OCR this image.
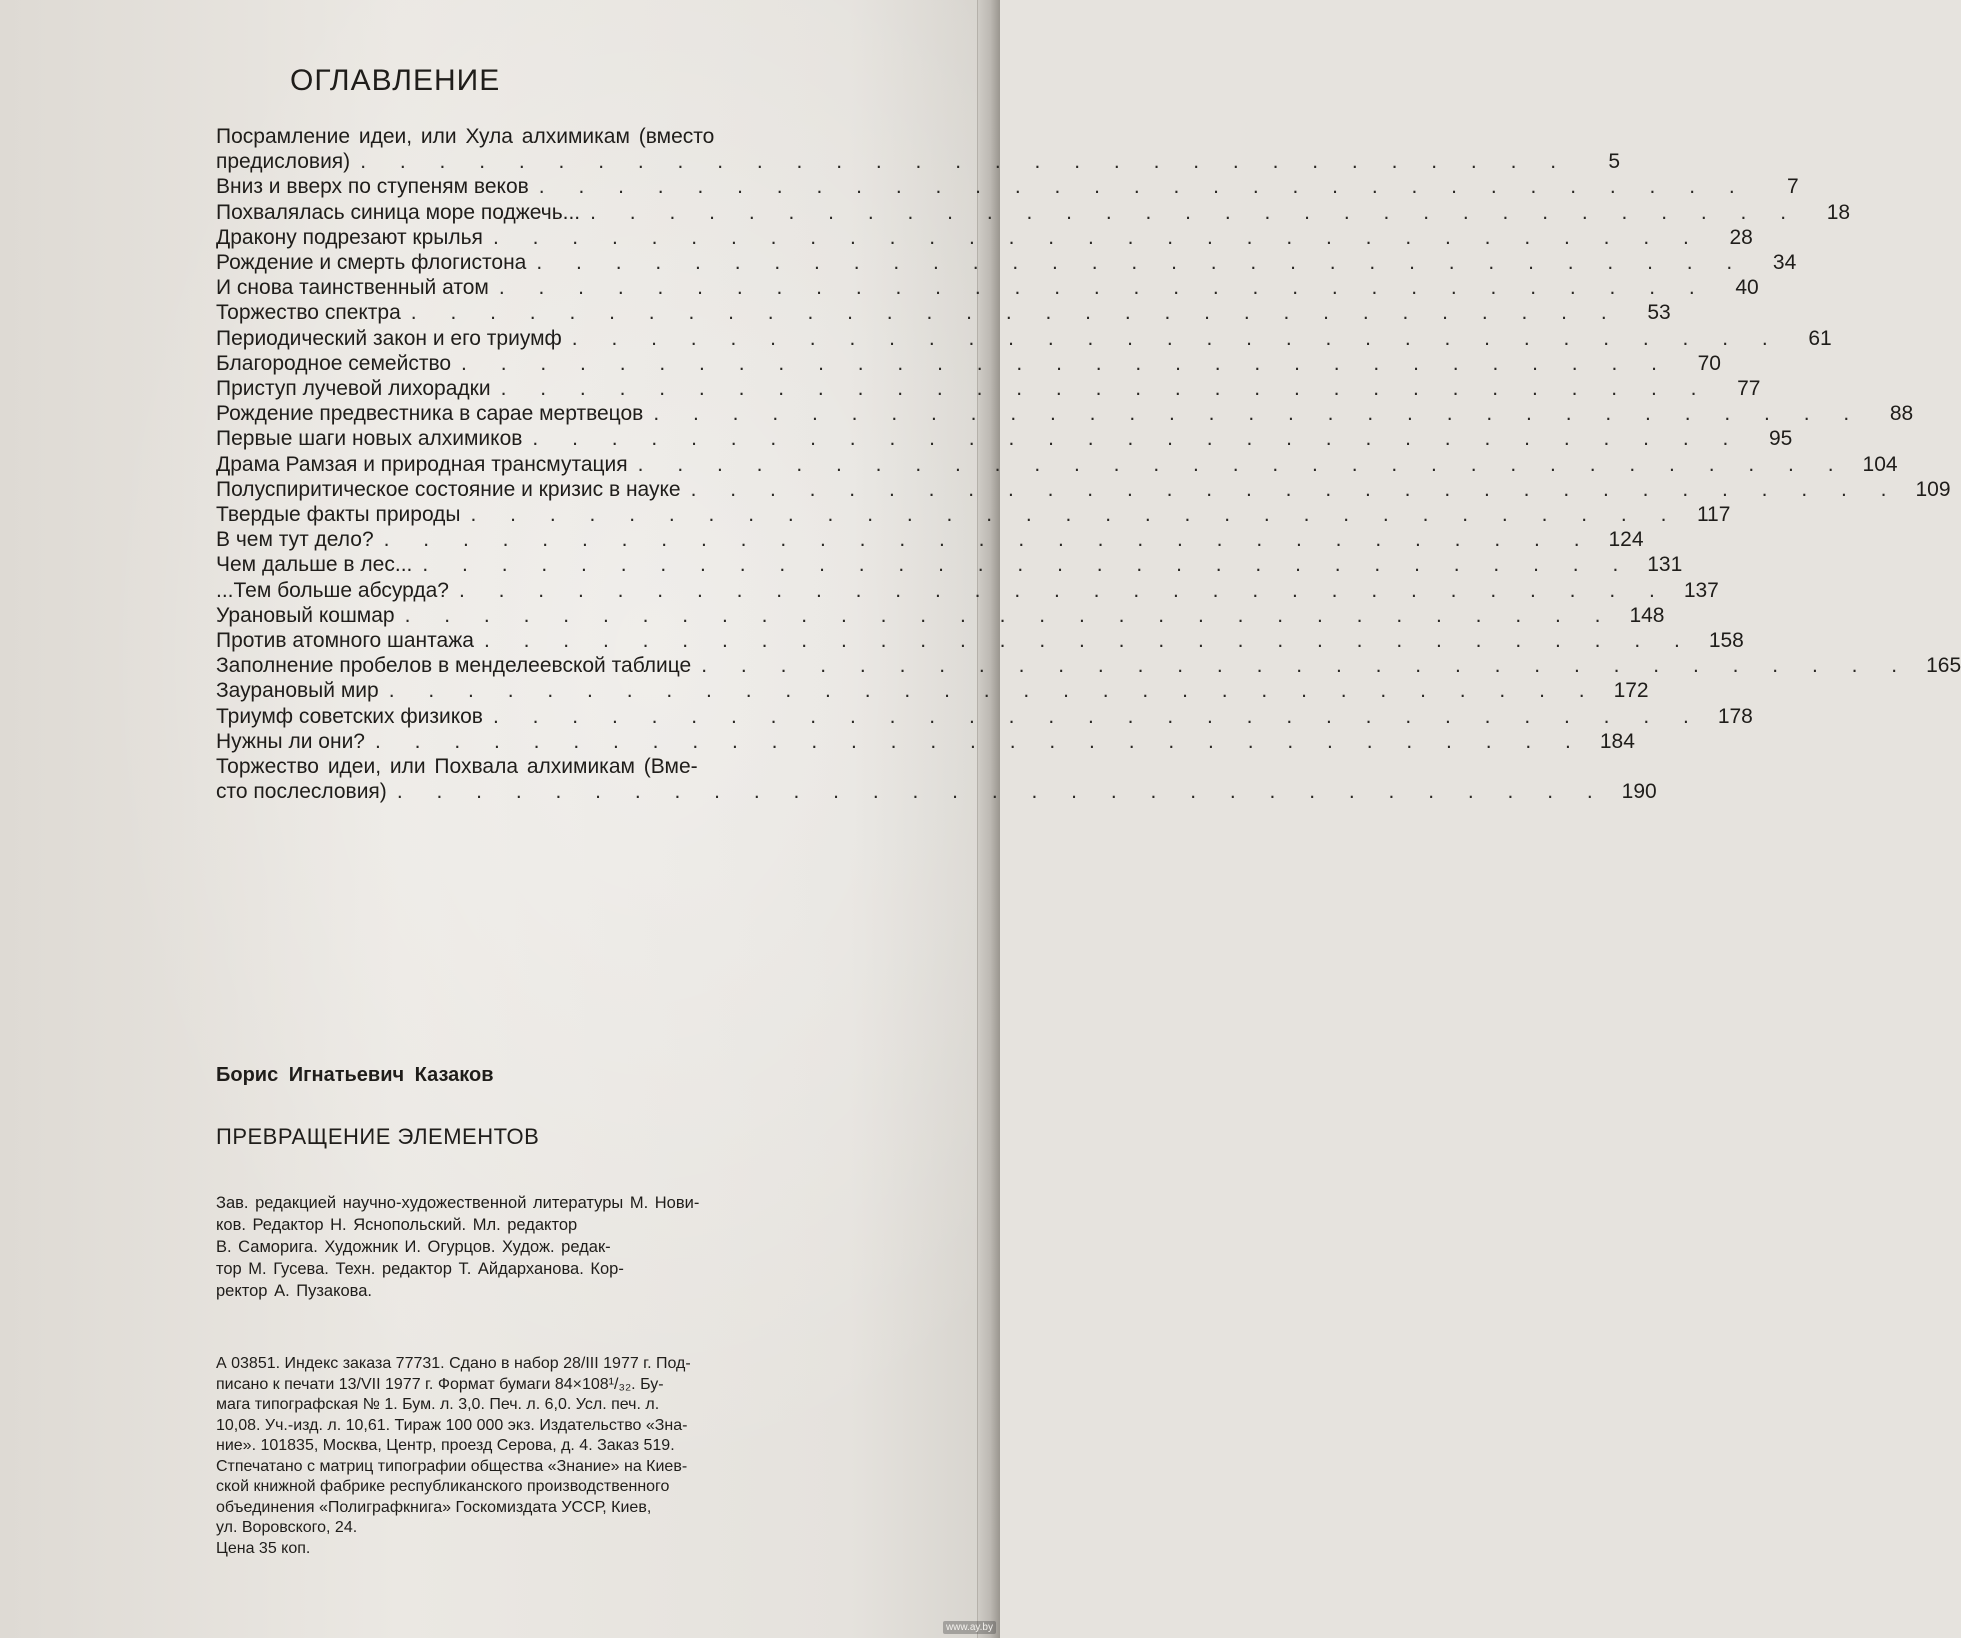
ОГЛАВЛЕНИЕ
Посрамление идеи, или Хула алхимикам (вместо
предисловия) . . . . . . . . . . . . . . . . . . . . . . . . . . . . . . .	5
Вниз и вверх по ступеням веков . . . . . . . . . . . . . . . . . . . . . . . . . . . . . . .	7
Похвалялась синица море поджечь... . . . . . . . . . . . . . . . . . . . . . . . . . . . . . . .	18
Дракону подрезают крылья . . . . . . . . . . . . . . . . . . . . . . . . . . . . . . .	28
Рождение и смерть флогистона . . . . . . . . . . . . . . . . . . . . . . . . . . . . . . .	34
И снова таинственный атом . . . . . . . . . . . . . . . . . . . . . . . . . . . . . . .	40
Торжество спектра . . . . . . . . . . . . . . . . . . . . . . . . . . . . . . .	53
Периодический закон и его триумф . . . . . . . . . . . . . . . . . . . . . . . . . . . . . . .	61
Благородное семейство . . . . . . . . . . . . . . . . . . . . . . . . . . . . . . .	70
Приступ лучевой лихорадки . . . . . . . . . . . . . . . . . . . . . . . . . . . . . . .	77
Рождение предвестника в сарае мертвецов . . . . . . . . . . . . . . . . . . . . . . . . . . . . . . .	88
Первые шаги новых алхимиков . . . . . . . . . . . . . . . . . . . . . . . . . . . . . . .	95
Драма Рамзая и природная трансмутация . . . . . . . . . . . . . . . . . . . . . . . . . . . . . . . 104
Полуспиритическое состояние и кризис в науке . . . . . . . . . . . . . . . . . . . . . . . . . . . . . . . 109
Твердые факты природы . . . . . . . . . . . . . . . . . . . . . . . . . . . . . . . 117
В чем тут дело? . . . . . . . . . . . . . . . . . . . . . . . . . . . . . . . 124
Чем дальше в лес... . . . . . . . . . . . . . . . . . . . . . . . . . . . . . . . 131
...Тем больше абсурда? . . . . . . . . . . . . . . . . . . . . . . . . . . . . . . . 137
Урановый кошмар . . . . . . . . . . . . . . . . . . . . . . . . . . . . . . . 148
Против атомного шантажа . . . . . . . . . . . . . . . . . . . . . . . . . . . . . . . 158
Заполнение пробелов в менделеевской таблице . . . . . . . . . . . . . . . . . . . . . . . . . . . . . . . 165
Заурановый мир . . . . . . . . . . . . . . . . . . . . . . . . . . . . . . . 172
Триумф советских физиков . . . . . . . . . . . . . . . . . . . . . . . . . . . . . . . 178
Нужны ли они? . . . . . . . . . . . . . . . . . . . . . . . . . . . . . . . 184
Торжество идеи, или Похвала алхимикам (Вме-
сто послесловия) . . . . . . . . . . . . . . . . . . . . . . . . . . . . . . . 190
Борис Игнатьевич Казаков
ПРЕВРАЩЕНИЕ ЭЛЕМЕНТОВ
Зав. редакцией научно-художественной литературы М. Нови-
ков. Редактор Н. Яснопольский. Мл. редактор
В. Саморига. Художник И. Огурцов. Худож. редак-
тор М. Гусева. Техн. редактор Т. Айдарханова. Кор-
ректор А. Пузакова.
А 03851. Индекс заказа 77731. Сдано в набор 28/III 1977 г. Под-
писано к печати 13/VII 1977 г. Формат бумаги 84×108¹/₃₂. Бу-
мага типографская № 1. Бум. л. 3,0. Печ. л. 6,0. Усл. печ. л.
10,08. Уч.-изд. л. 10,61. Тираж 100 000 экз. Издательство «Зна-
ние». 101835, Москва, Центр, проезд Серова, д. 4. Заказ 519.
Стпечатано с матриц типографии общества «Знание» на Киев-
ской книжной фабрике республиканского производственного
объединения «Полиграфкнига» Госкомиздата УССР, Киев,
ул. Воровского, 24.
Цена 35 коп.
www.ay.by
